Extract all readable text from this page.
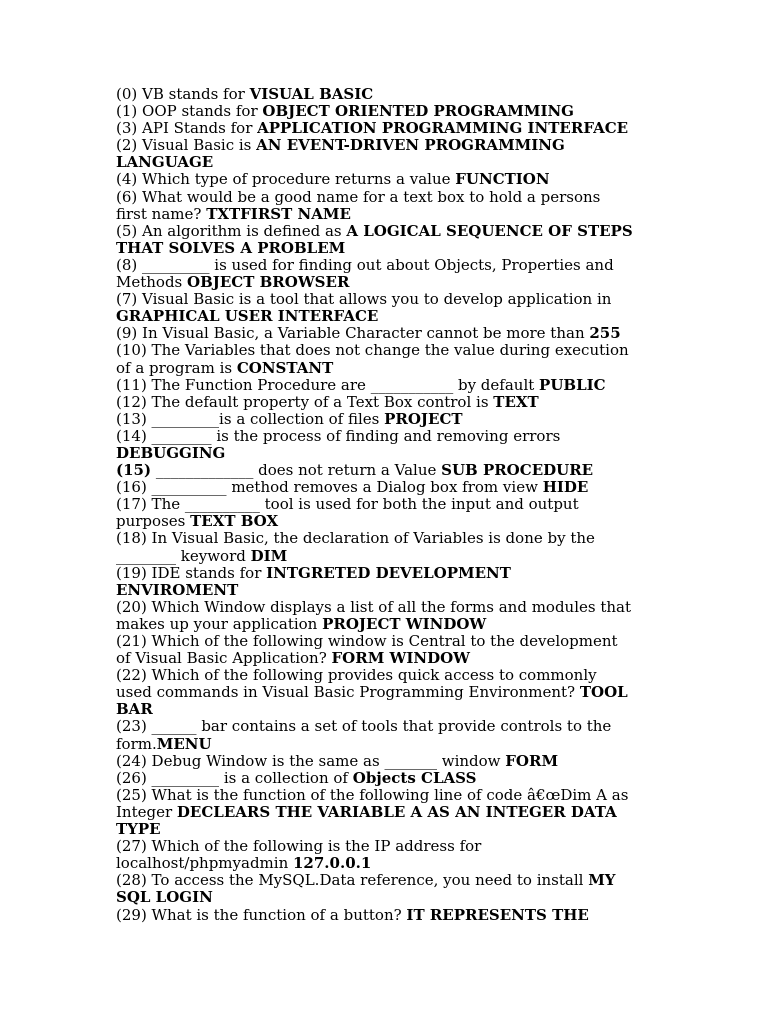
(0) VB stands for VISUAL BASIC
(1) OOP stands for OBJECT ORIENTED PROGRAMMING
(3) API Stands for APPLICATION PROGRAMMING INTERFACE
(2) Visual Basic is AN EVENT-DRIVEN PROGRAMMING
LANGUAGE
(4) Which type of procedure returns a value FUNCTION
(6) What would be a good name for a text box to hold a persons
first name? TXTFIRST NAME
(5) An algorithm is defined as A LOGICAL SEQUENCE OF STEPS
THAT SOLVES A PROBLEM
(8) _________ is used for finding out about Objects, Properties and
Methods OBJECT BROWSER
(7) Visual Basic is a tool that allows you to develop application in
GRAPHICAL USER INTERFACE
(9) In Visual Basic, a Variable Character cannot be more than 255
(10) The Variables that does not change the value during execution
of a program is CONSTANT
(11) The Function Procedure are ___________ by default PUBLIC
(12) The default property of a Text Box control is TEXT
(13) _________is a collection of files PROJECT
(14) ________ is the process of finding and removing errors
DEBUGGING
(15) _____________ does not return a Value SUB PROCEDURE
(16) __________ method removes a Dialog box from view HIDE
(17) The __________ tool is used for both the input and output
purposes TEXT BOX
(18) In Visual Basic, the declaration of Variables is done by the
________ keyword DIM
(19) IDE stands for INTGRETED DEVELOPMENT
ENVIROMENT
(20) Which Window displays a list of all the forms and modules that
makes up your application PROJECT WINDOW
(21) Which of the following window is Central to the development
of Visual Basic Application? FORM WINDOW
(22) Which of the following provides quick access to commonly
used commands in Visual Basic Programming Environment? TOOL
BAR
(23) ______ bar contains a set of tools that provide controls to the
form.MENU
(24) Debug Window is the same as _______ window FORM
(26) _________ is a collection of Objects CLASS
(25) What is the function of the following line of code â€œDim A as
Integer DECLEARS THE VARIABLE A AS AN INTEGER DATA
TYPE
(27) Which of the following is the IP address for
localhost/phpmyadmin 127.0.0.1
(28) To access the MySQL.Data reference, you need to install MY
SQL LOGIN
(29) What is the function of a button? IT REPRESENTS THE
